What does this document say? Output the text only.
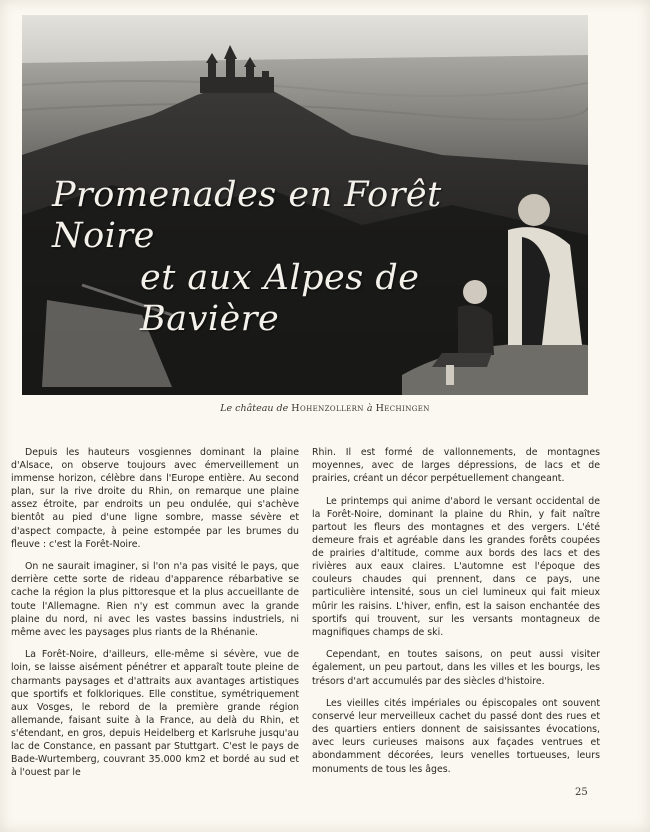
Promenades en Forêt Noire
et aux Alpes de Bavière
Le château de Hohenzollern à Hechingen

Depuis les hauteurs vosgiennes dominant la plaine d'Alsace, on observe toujours avec émerveillement un immense horizon, célèbre dans l'Europe entière. Au second plan, sur la rive droite du Rhin, on remarque une plaine assez étroite, par endroits un peu ondulée, qui s'achève bientôt au pied d'une ligne sombre, masse sévère et d'aspect compacte, à peine estompée par les brumes du fleuve : c'est la Forêt-Noire.

On ne saurait imaginer, si l'on n'a pas visité le pays, que derrière cette sorte de rideau d'apparence rébarbative se cache la région la plus pittoresque et la plus accueillante de toute l'Allemagne. Rien n'y est commun avec la grande plaine du nord, ni avec les vastes bassins industriels, ni même avec les paysages plus riants de la Rhénanie.

La Forêt-Noire, d'ailleurs, elle-même si sévère, vue de loin, se laisse aisément pénétrer et apparaît toute pleine de charmants paysages et d'attraits aux avantages artistiques que sportifs et folkloriques. Elle constitue, symétriquement aux Vosges, le rebord de la première grande région allemande, faisant suite à la France, au delà du Rhin, et s'étendant, en gros, depuis Heidelberg et Karlsruhe jusqu'au lac de Constance, en passant par Stuttgart. C'est le pays de Bade-Wurtemberg, couvrant 35.000 km2 et bordé au sud et à l'ouest par le

Rhin. Il est formé de vallonnements, de montagnes moyennes, avec de larges dépressions, de lacs et de prairies, créant un décor perpétuellement changeant.

Le printemps qui anime d'abord le versant occidental de la Forêt-Noire, dominant la plaine du Rhin, y fait naître partout les fleurs des montagnes et des vergers. L'été demeure frais et agréable dans les grandes forêts coupées de prairies d'altitude, comme aux bords des lacs et des rivières aux eaux claires. L'automne est l'époque des couleurs chaudes qui prennent, dans ce pays, une particulière intensité, sous un ciel lumineux qui fait mieux mûrir les raisins. L'hiver, enfin, est la saison enchantée des sportifs qui trouvent, sur les versants montagneux de magnifiques champs de ski.

Cependant, en toutes saisons, on peut aussi visiter également, un peu partout, dans les villes et les bourgs, les trésors d'art accumulés par des siècles d'histoire.

Les vieilles cités impériales ou épiscopales ont souvent conservé leur merveilleux cachet du passé dont des rues et des quartiers entiers donnent de saisissantes évocations, avec leurs curieuses maisons aux façades ventrues et abondamment décorées, leurs venelles tortueuses, leurs monuments de tous les âges.

25
